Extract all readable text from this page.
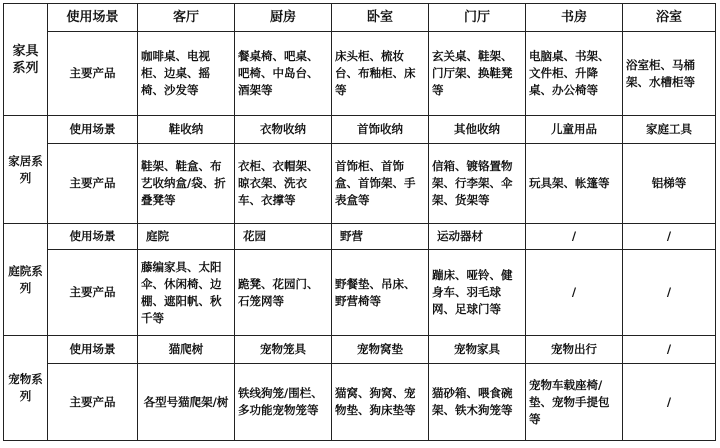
家具系列	使用场景	客厅	厨房	卧室	门厅	书房	浴室
	主要产品	咖啡桌、电视柜、边桌、摇椅、沙发等	餐桌椅、吧桌、吧椅、中岛台、酒架等	床头柜、梳妆台、布釉柜、床等	玄关桌、鞋架、门厅架、换鞋凳等	电脑桌、书架、文件柜、升降桌、办公椅等	浴室柜、马桶架、水槽柜等
家居系列	使用场景	鞋收纳	衣物收纳	首饰收纳	其他收纳	儿童用品	家庭工具
	主要产品	鞋架、鞋盒、布艺收纳盒/袋、折叠凳等	衣柜、衣帽架、晾衣架、洗衣车、衣撑等	首饰柜、首饰盒、首饰架、手表盒等	信箱、镀铬置物架、行李架、伞架、货架等	玩具架、帐篷等	铝梯等
庭院系列	使用场景	庭院	花园	野营	运动器材	/	/
	主要产品	藤编家具、太阳伞、休闲椅、边棚、遮阳帆、秋千等	跪凳、花园门、石笼网等	野餐垫、吊床、野营椅等	蹦床、哑铃、健身车、羽毛球网、足球门等	/	/
宠物系列	使用场景	猫爬树	宠物笼具	宠物窝垫	宠物家具	宠物出行	/
	主要产品	各型号猫爬架/树	铁线狗笼/围栏、多功能宠物笼等	猫窝、狗窝、宠物垫、狗床垫等	猫砂箱、喂食碗架、铁木狗笼等	宠物车载座椅/垫、宠物手提包等	/
